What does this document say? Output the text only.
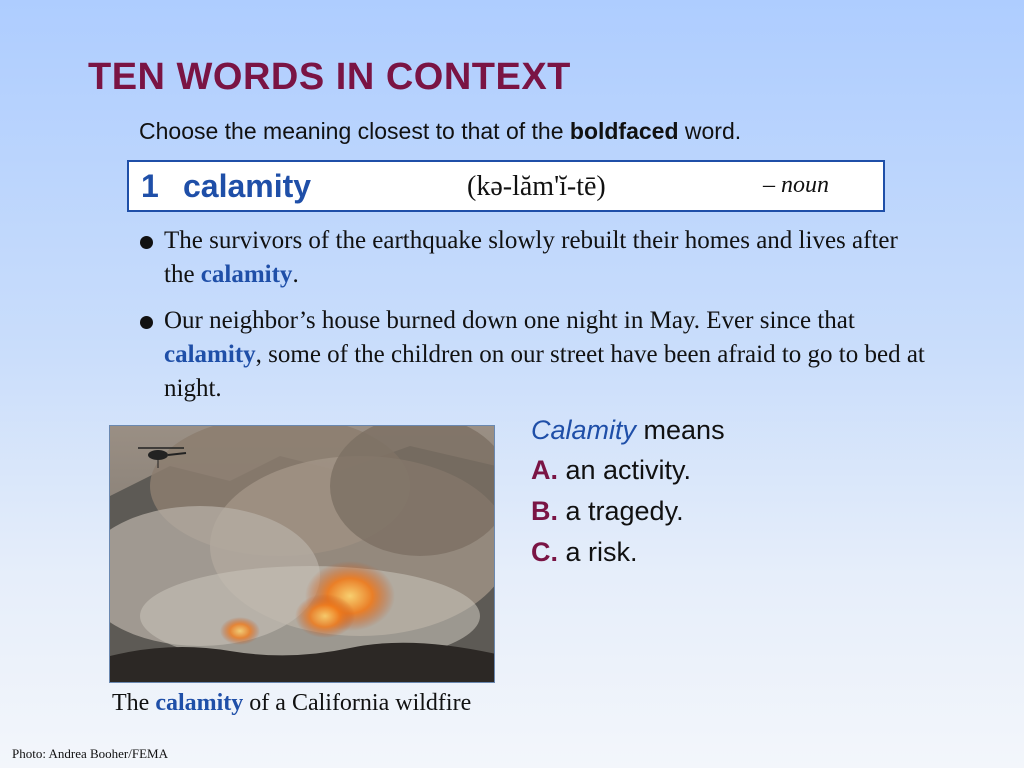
TEN WORDS IN CONTEXT
Choose the meaning closest to that of the boldfaced word.
1 calamity	(kə-lăm'ĭ-tē)	– noun
The survivors of the earthquake slowly rebuilt their homes and lives after the calamity.
Our neighbor’s house burned down one night in May. Ever since that calamity, some of the children on our street have been afraid to go to bed at night.
The calamity of a California wildfire
Photo: Andrea Booher/FEMA
Calamity means
A. an activity.
B. a tragedy.
C. a risk.
